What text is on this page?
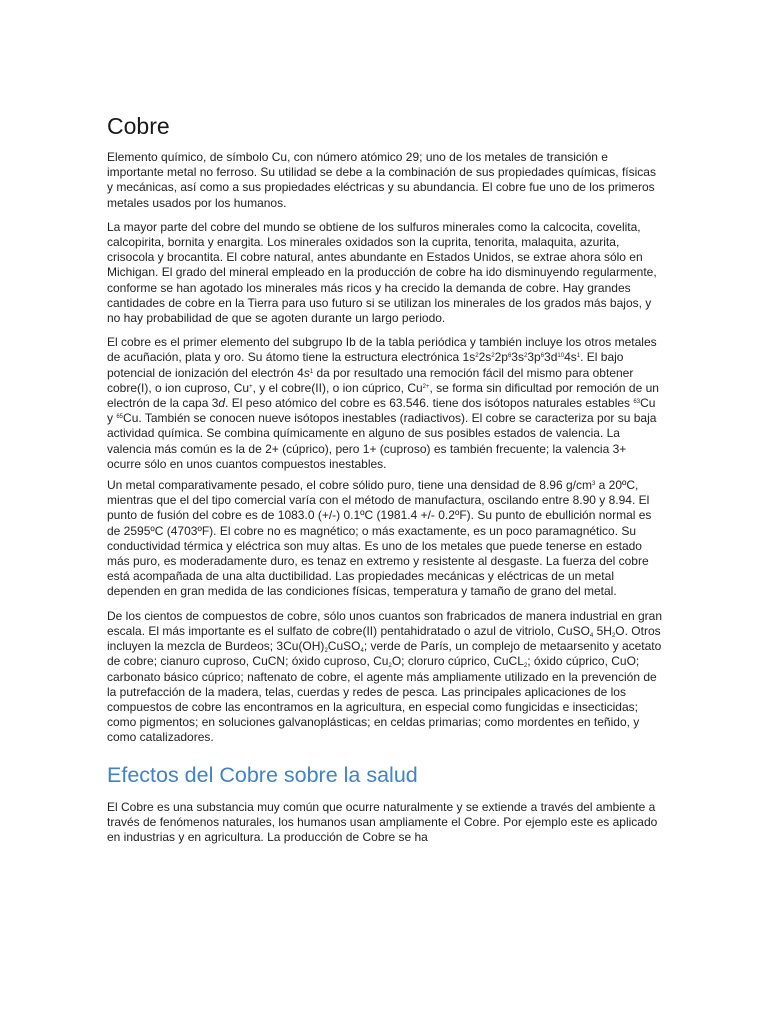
Cobre

Elemento químico, de símbolo Cu, con número atómico 29; uno de los metales de transición e importante metal no ferroso. Su utilidad se debe a la combinación de sus propiedades químicas, físicas y mecánicas, así como a sus propiedades eléctricas y su abundancia. El cobre fue uno de los primeros metales usados por los humanos.

La mayor parte del cobre del mundo se obtiene de los sulfuros minerales como la calcocita, covelita, calcopirita, bornita y enargita. Los minerales oxidados son la cuprita, tenorita, malaquita, azurita, crisocola y brocantita. El cobre natural, antes abundante en Estados Unidos, se extrae ahora sólo en Michigan. El grado del mineral empleado en la producción de cobre ha ido disminuyendo regularmente, conforme se han agotado los minerales más ricos y ha crecido la demanda de cobre. Hay grandes cantidades de cobre en la Tierra para uso futuro si se utilizan los minerales de los grados más bajos, y no hay probabilidad de que se agoten durante un largo periodo.

El cobre es el primer elemento del subgrupo Ib de la tabla periódica y también incluye los otros metales de acuñación, plata y oro. Su átomo tiene la estructura electrónica $1s^22s^22p^63s^23p^63d^{10}4s^1$. El bajo potencial de ionización del electrón $4s^1$ da por resultado una remoción fácil del mismo para obtener cobre(I), o ion cuproso, Cu+, y el cobre(II), o ion cúprico, $Cu^{2+}$, se forma sin dificultad por remoción de un electrón de la capa 3d. El peso atómico del cobre es 63.546. tiene dos isótopos naturales estables $^{63}$Cu y $^{65}$Cu. También se conocen nueve isótopos inestables (radiactivos). El cobre se caracteriza por su baja actividad química. Se combina químicamente en alguno de sus posibles estados de valencia. La valencia más común es la de 2+ (cúprico), pero 1+ (cuproso) es también frecuente; la valencia 3+ ocurre sólo en unos cuantos compuestos inestables.

Un metal comparativamente pesado, el cobre sólido puro, tiene una densidad de 8.96 $g/cm^3$ a 20ºC, mientras que el del tipo comercial varía con el método de manufactura, oscilando entre 8.90 y 8.94. El punto de fusión del cobre es de 1083.0 (+/-) 0.1ºC (1981.4 +/- 0.2ºF). Su punto de ebullición normal es de 2595ºC (4703ºF). El cobre no es magnético; o más exactamente, es un poco paramagnético. Su conductividad térmica y eléctrica son muy altas. Es uno de los metales que puede tenerse en estado más puro, es moderadamente duro, es tenaz en extremo y resistente al desgaste. La fuerza del cobre está acompañada de una alta ductibilidad. Las propiedades mecánicas y eléctricas de un metal dependen en gran medida de las condiciones físicas, temperatura y tamaño de grano del metal.

De los cientos de compuestos de cobre, sólo unos cuantos son frabricados de manera industrial en gran escala. El más importante es el sulfato de cobre(II) pentahidratado o azul de vitriolo, CuSO$_4$ $5H_2O$. Otros incluyen la mezcla de Burdeos; $3Cu(OH)_2CuSO_4$; verde de París, un complejo de metaarsenito y acetato de cobre; cianuro cuproso, CuCN; óxido cuproso, $Cu_2O$; cloruro cúprico, CuCL$_2$; óxido cúprico, CuO; carbonato básico cúprico; naftenato de cobre, el agente más ampliamente utilizado en la prevención de la putrefacción de la madera, telas, cuerdas y redes de pesca. Las principales aplicaciones de los compuestos de cobre las encontramos en la agricultura, en especial como fungicidas e insecticidas; como pigmentos; en soluciones galvanoplásticas; en celdas primarias; como mordentes en teñido, y como catalizadores.

Efectos del Cobre sobre la salud

El Cobre es una substancia muy común que ocurre naturalmente y se extiende a través del ambiente a través de fenómenos naturales, los humanos usan ampliamente el Cobre. Por ejemplo este es aplicado en industrias y en agricultura. La producción de Cobre se ha
